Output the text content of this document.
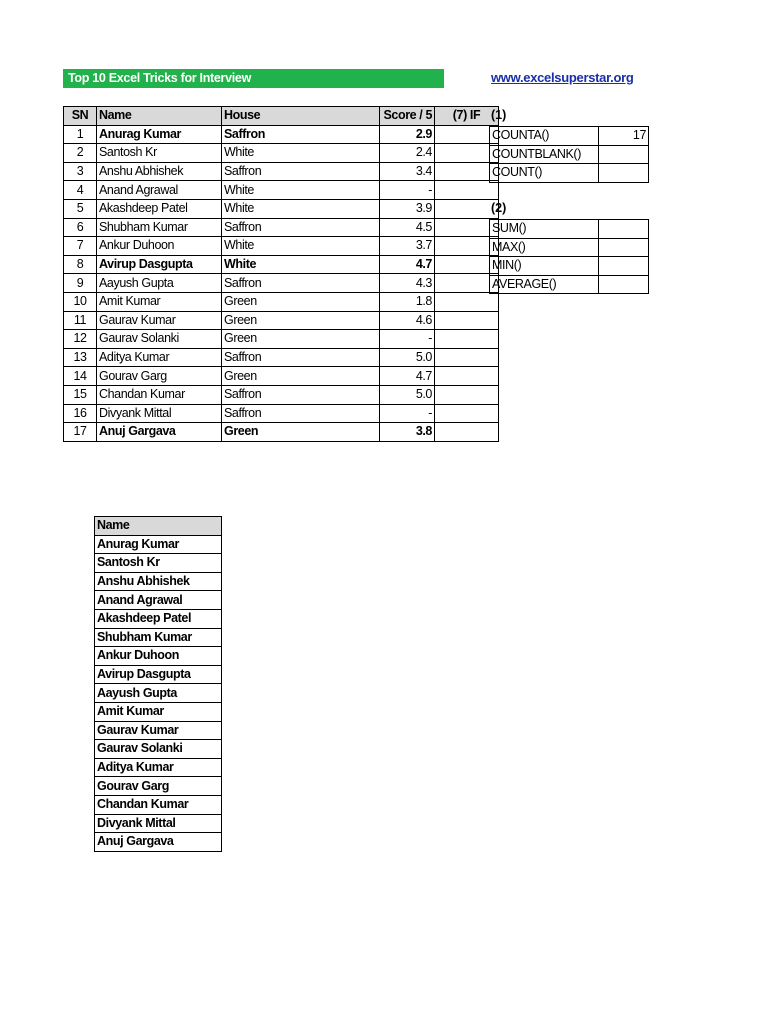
Top 10 Excel Tricks for Interview	www.excelsuperstar.org
SN	Name	House	Score / 5	(7) IF
1	Anurag Kumar	Saffron	2.9	
2	Santosh Kr	White	2.4	
3	Anshu Abhishek	Saffron	3.4	
4	Anand Agrawal	White	-	
5	Akashdeep Patel	White	3.9	
6	Shubham Kumar	Saffron	4.5	
7	Ankur Duhoon	White	3.7	
8	Avirup Dasgupta	White	4.7	
9	Aayush Gupta	Saffron	4.3	
10	Amit Kumar	Green	1.8	
11	Gaurav Kumar	Green	4.6	
12	Gaurav Solanki	Green	-	
13	Aditya Kumar	Saffron	5.0	
14	Gourav Garg	Green	4.7	
15	Chandan Kumar	Saffron	5.0	
16	Divyank Mittal	Saffron	-	
17	Anuj Gargava	Green	3.8	
(1)
COUNTA()	17
COUNTBLANK()	
COUNT()	
(2)
SUM()	
MAX()	
MIN()	
AVERAGE()	
Name
Anurag Kumar
Santosh Kr
Anshu Abhishek
Anand Agrawal
Akashdeep Patel
Shubham Kumar
Ankur Duhoon
Avirup Dasgupta
Aayush Gupta
Amit Kumar
Gaurav Kumar
Gaurav Solanki
Aditya Kumar
Gourav Garg
Chandan Kumar
Divyank Mittal
Anuj Gargava
